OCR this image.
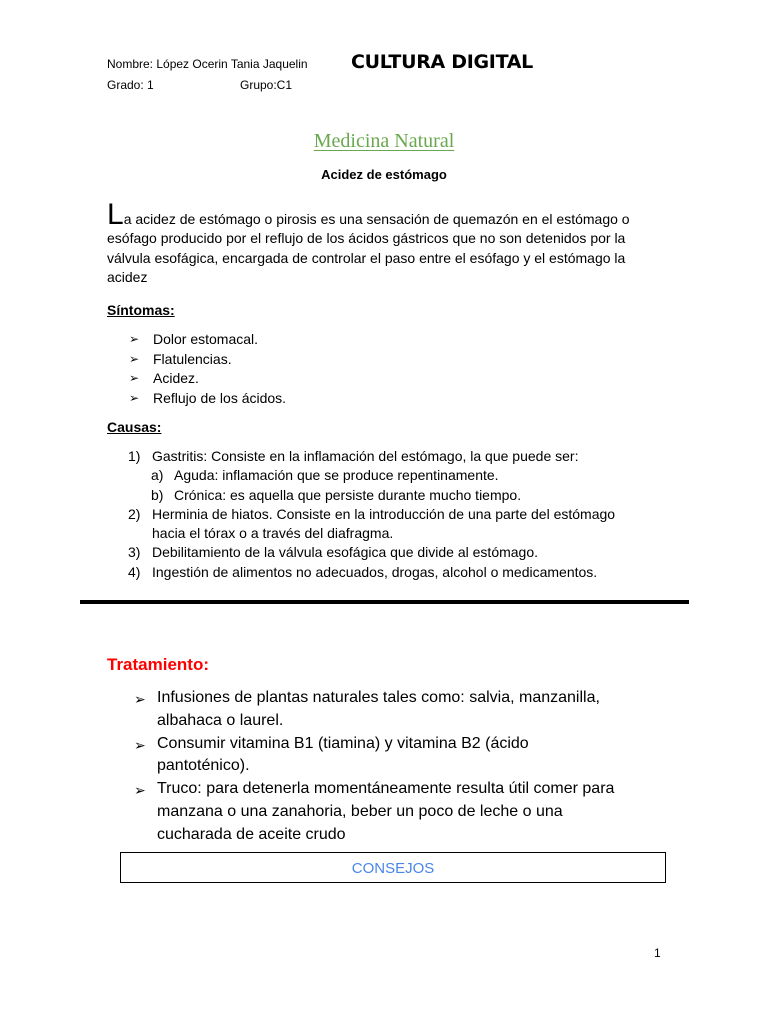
Nombre: López Ocerin Tania Jaquelin
Grado: 1	Grupo:C1
CULTURA DIGITAL
Medicina Natural
Acidez de estómago
La acidez de estómago o pirosis es una sensación de quemazón en el estómago o esófago producido por el reflujo de los ácidos gástricos que no son detenidos por la válvula esofágica, encargada de controlar el paso entre el esófago y el estómago la acidez
Síntomas:
➢ Dolor estomacal.
➢ Flatulencias.
➢ Acidez.
➢ Reflujo de los ácidos.
Causas:
1) Gastritis: Consiste en la inflamación del estómago, la que puede ser:
a) Aguda: inflamación que se produce repentinamente.
b) Crónica: es aquella que persiste durante mucho tiempo.
2) Herminia de hiatos. Consiste en la introducción de una parte del estómago
hacia el tórax o a través del diafragma.
3) Debilitamiento de la válvula esofágica que divide al estómago.
4) Ingestión de alimentos no adecuados, drogas, alcohol o medicamentos.
Tratamiento:
➢ Infusiones de plantas naturales tales como: salvia, manzanilla,
albahaca o laurel.
➢ Consumir vitamina B1 (tiamina) y vitamina B2 (ácido
pantoténico).
➢ Truco: para detenerla momentáneamente resulta útil comer para
manzana o una zanahoria, beber un poco de leche o una
cucharada de aceite crudo
CONSEJOS
1
